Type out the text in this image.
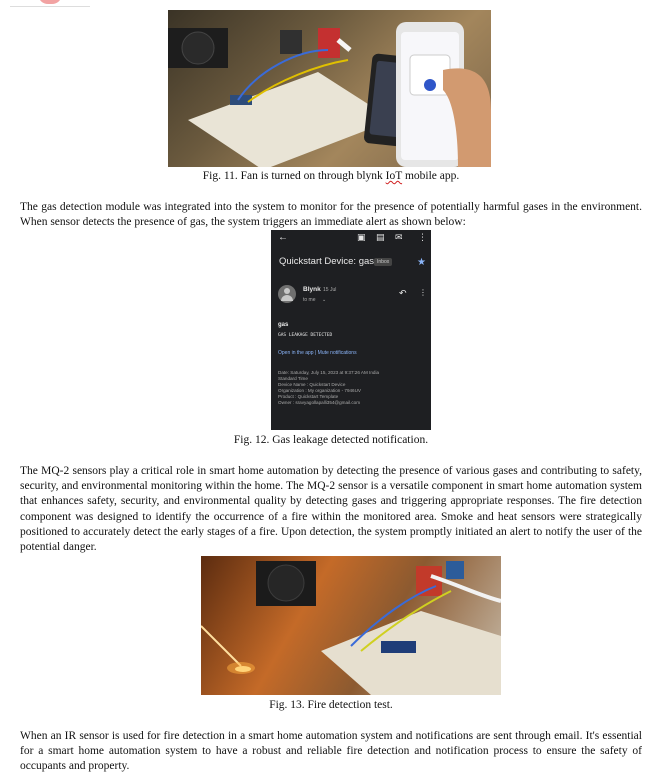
Fig. 11. Fan is turned on through blynk IoT mobile app.
The gas detection module was integrated into the system to monitor for the presence of potentially harmful gases in the environment. When sensor detects the presence of gas, the system triggers an immediate alert as shown below:
←	▣ ▤ ✉ ⋮
Quickstart Device: gas Inbox	★
Blynk 15 Jul
to me ⌄
↶ ⋮
gas
GAS LEAKAGE DETECTED
Open in the app | Mute notifications
Date: Saturday, July 15, 2023 at 9:37:26 AM India
Standard Time
Device Name : Quickstart Device
Organization : My organization - 7946UV
Product : Quickstart Template
Owner : sravyagollapalli354@gmail.com
Fig. 12. Gas leakage detected notification.
The MQ-2 sensors play a critical role in smart home automation by detecting the presence of various gases and contributing to safety, security, and environmental monitoring within the home. The MQ-2 sensor is a versatile component in smart home automation system that enhances safety, security, and environmental quality by detecting gases and triggering appropriate responses. The fire detection component was designed to identify the occurrence of a fire within the monitored area. Smoke and heat sensors were strategically positioned to accurately detect the early stages of a fire. Upon detection, the system promptly initiated an alert to notify the user of the potential danger.
Fig. 13. Fire detection test.
When an IR sensor is used for fire detection in a smart home automation system and notifications are sent through email. It's essential for a smart home automation system to have a robust and reliable fire detection and notification process to ensure the safety of occupants and property.
